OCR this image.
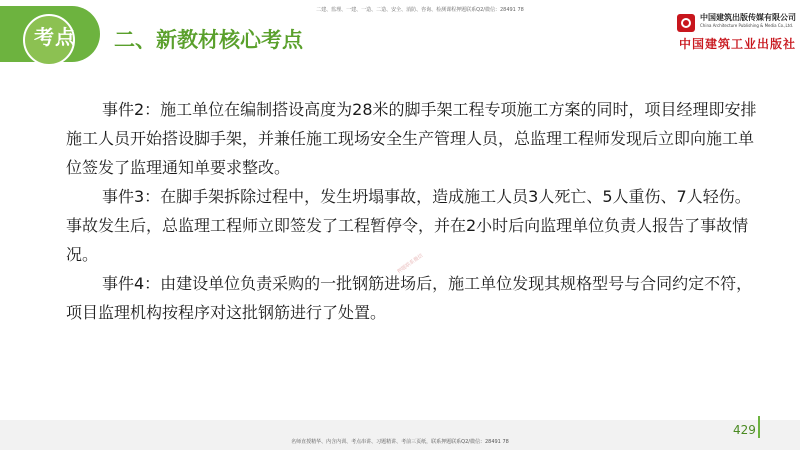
考点	二、新教材核心考点
二建、监理、一建、一造、二造、安全、消防、咨询、检测课程押题联系Q2/微信：28491 78
中国建筑出版传媒有限公司
China Architecture Publishing & Media Co.,Ltd.
中国建筑工业出版社

事件2：施工单位在编制搭设高度为28米的脚手架工程专项施工方案的同时，项目经理即安排施工人员开始搭设脚手架，并兼任施工现场安全生产管理人员，总监理工程师发现后立即向施工单位签发了监理通知单要求整改。

事件3：在脚手架拆除过程中，发生坍塌事故，造成施工人员3人死亡、5人重伤、7人轻伤。事故发生后，总监理工程师立即签发了工程暂停令，并在2小时后向监理单位负责人报告了事故情况。

事件4：由建设单位负责采购的一批钢筋进场后，施工单位发现其规格型号与合同约定不符，项目监理机构按程序对这批钢筋进行了处置。

押题联系微信
429
名师直授精华、内含内训、考点串讲、习题精讲、考前三页纸，联系押题联系Q2/微信：28491 78
